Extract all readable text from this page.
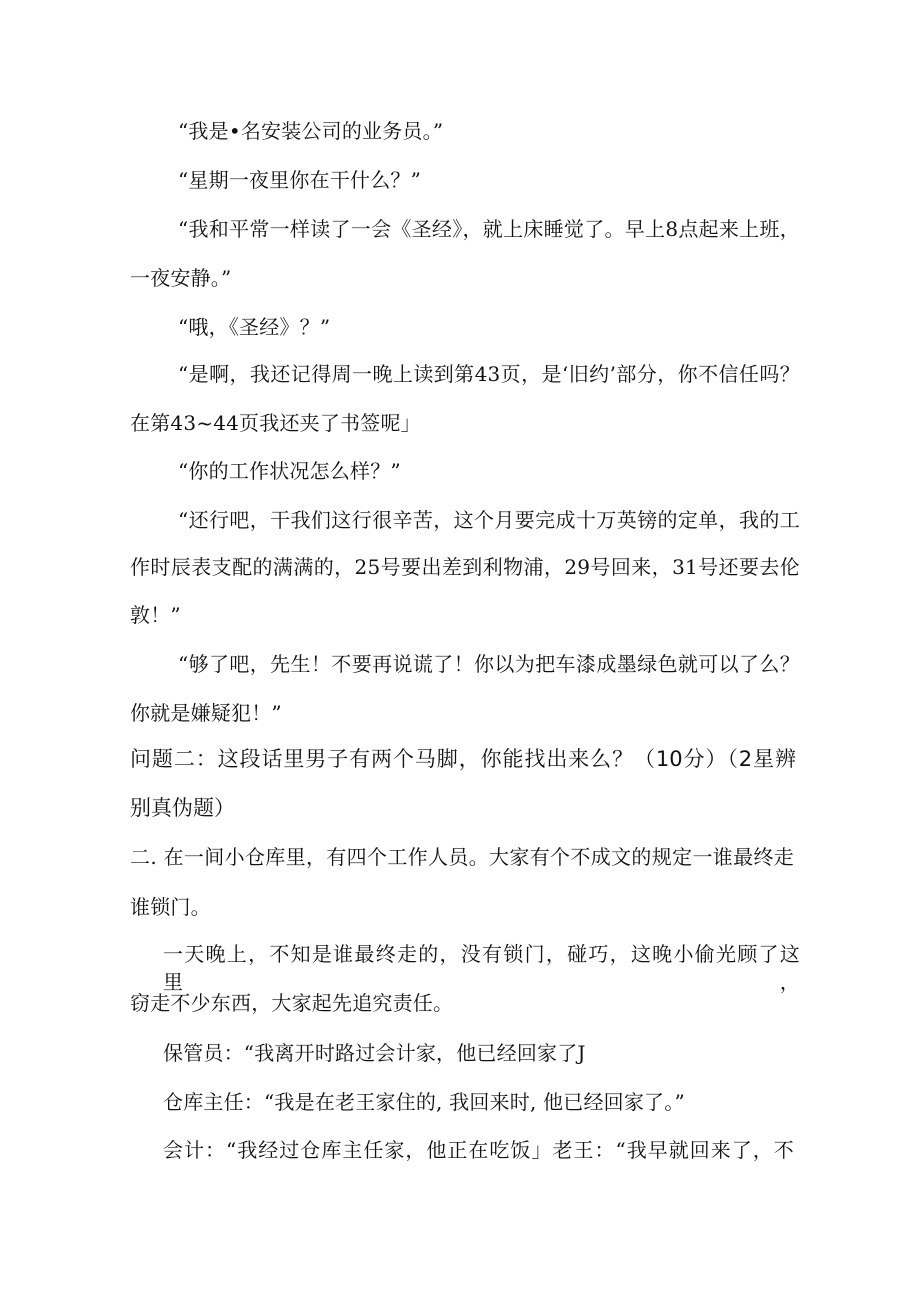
“我是•名安装公司的业务员。”
“星期一夜里你在干什么？”
“我和平常一样读了一会《圣经》，就上床睡觉了。早上8点起来上班，
一夜安静。”
“哦，《圣经》？”
“是啊，我还记得周一晚上读到第43页，是‘旧约’部分，你不信任吗？
在第43~44页我还夹了书签呢」
“你的工作状况怎么样？”
“还行吧，干我们这行很辛苦，这个月要完成十万英镑的定单，我的工
作时辰表支配的满满的，25号要出差到利物浦，29号回来，31号还要去伦
敦！”
“够了吧，先生！不要再说谎了！你以为把车漆成墨绿色就可以了么？
你就是嫌疑犯！”
问题二：这段话里男子有两个马脚，你能找出来么？（10分）（2星辨
别真伪题）
二. 在一间小仓库里，有四个工作人员。大家有个不成文的规定一谁最终走
谁锁门。
一天晚上，不知是谁最终走的，没有锁门，碰巧，这晚小偷光顾了这里，
窃走不少东西，大家起先追究责任。
保管员：“我离开时路过会计家，他已经回家了J
仓库主任：“我是在老王家住的, 我回来时, 他已经回家了。”
会计：“我经过仓库主任家，他正在吃饭」老王：“我早就回来了，不
